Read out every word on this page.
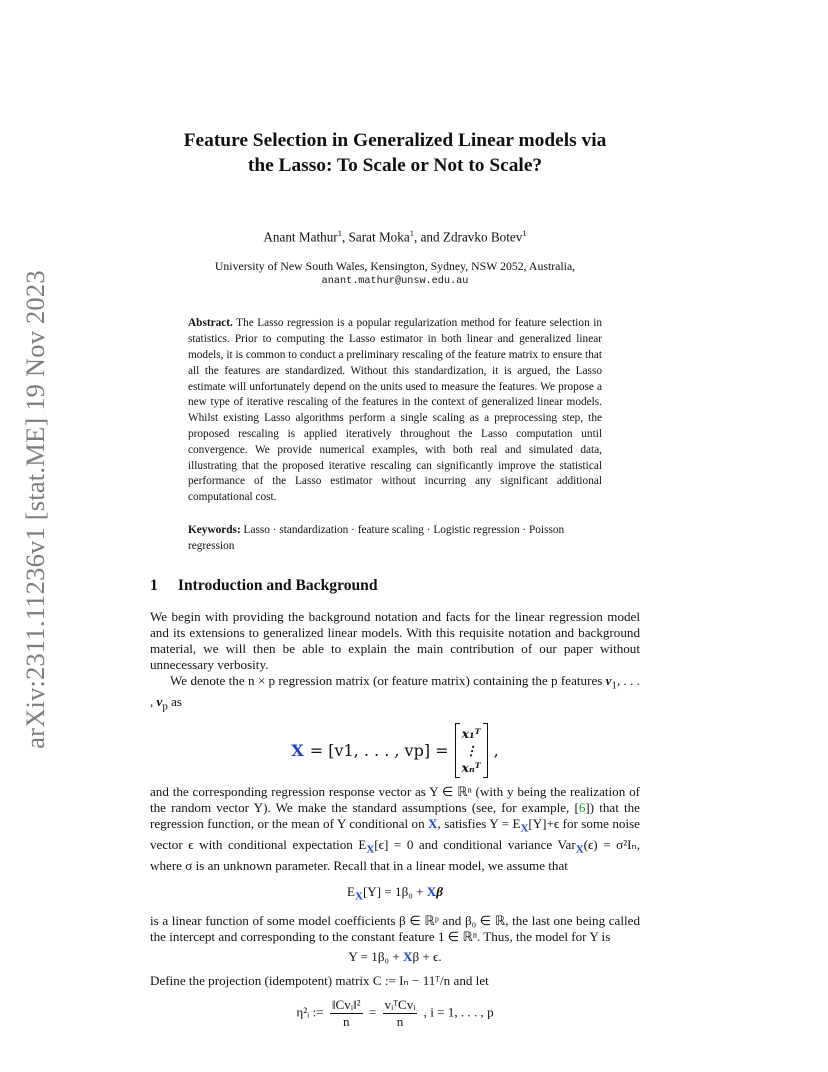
arXiv:2311.11236v1 [stat.ME] 19 Nov 2023
Feature Selection in Generalized Linear models via
the Lasso: To Scale or Not to Scale?
Anant Mathur$^1$, Sarat Moka$^1$, and Zdravko Botev$^1$
University of New South Wales, Kensington, Sydney, NSW 2052, Australia,
anant.mathur@unsw.edu.au
Abstract. The Lasso regression is a popular regularization method for feature selection in statistics. Prior to computing the Lasso estimator in both linear and generalized linear models, it is common to conduct a preliminary rescaling of the feature matrix to ensure that all the features are standardized. Without this standardization, it is argued, the Lasso estimate will unfortunately depend on the units used to measure the features. We propose a new type of iterative rescaling of the features in the context of generalized linear models. Whilst existing Lasso algorithms perform a single scaling as a preprocessing step, the proposed rescaling is applied iteratively throughout the Lasso computation until convergence. We provide numerical examples, with both real and simulated data, illustrating that the proposed iterative rescaling can significantly improve the statistical performance of the Lasso estimator without incurring any significant additional computational cost.
Keywords: Lasso · standardization · feature scaling · Logistic regression · Poisson regression
1 Introduction and Background

We begin with providing the background notation and facts for the linear regression model and its extensions to generalized linear models. With this requisite notation and background material, we will then be able to explain the main contribution of our paper without unnecessary verbosity.

We denote the n × p regression matrix (or feature matrix) containing the p features $v_1$, . . . , $v_p$ as

X = [v1, . . . , vp] =
x₁ᵀ
⋮
xₙᵀ
,

and the corresponding regression response vector as Y ∈ ℝⁿ (with y being the realization of the random vector Y). We make the standard assumptions (see, for example, [6]) that the regression function, or the mean of Y conditional on X, satisfies $Y = E_X[Y]+\epsilon$ for some noise vector ϵ with conditional expectation $E_X[\epsilon] = 0$ and conditional variance Var$_X$(ϵ) = σ²Iₙ, where σ is an unknown parameter. Recall that in a linear model, we assume that

$E_X[Y] = 1\beta_0 + X\beta$

is a linear function of some model coefficients β ∈ ℝᵖ and β₀ ∈ ℝ, the last one being called the intercept and corresponding to the constant feature 1 ∈ ℝⁿ. Thus, the model for Y is

Y = 1β₀ + Xβ + ϵ.

Define the projection (idempotent) matrix C := Iₙ − 11ᵀ/n and let

η²ᵢ := $\frac{\text{‖Cvᵢ‖²}}{n} = \frac{\text{vᵢᵀCvᵢ}}{n}$ , i = 1, . . . , p
